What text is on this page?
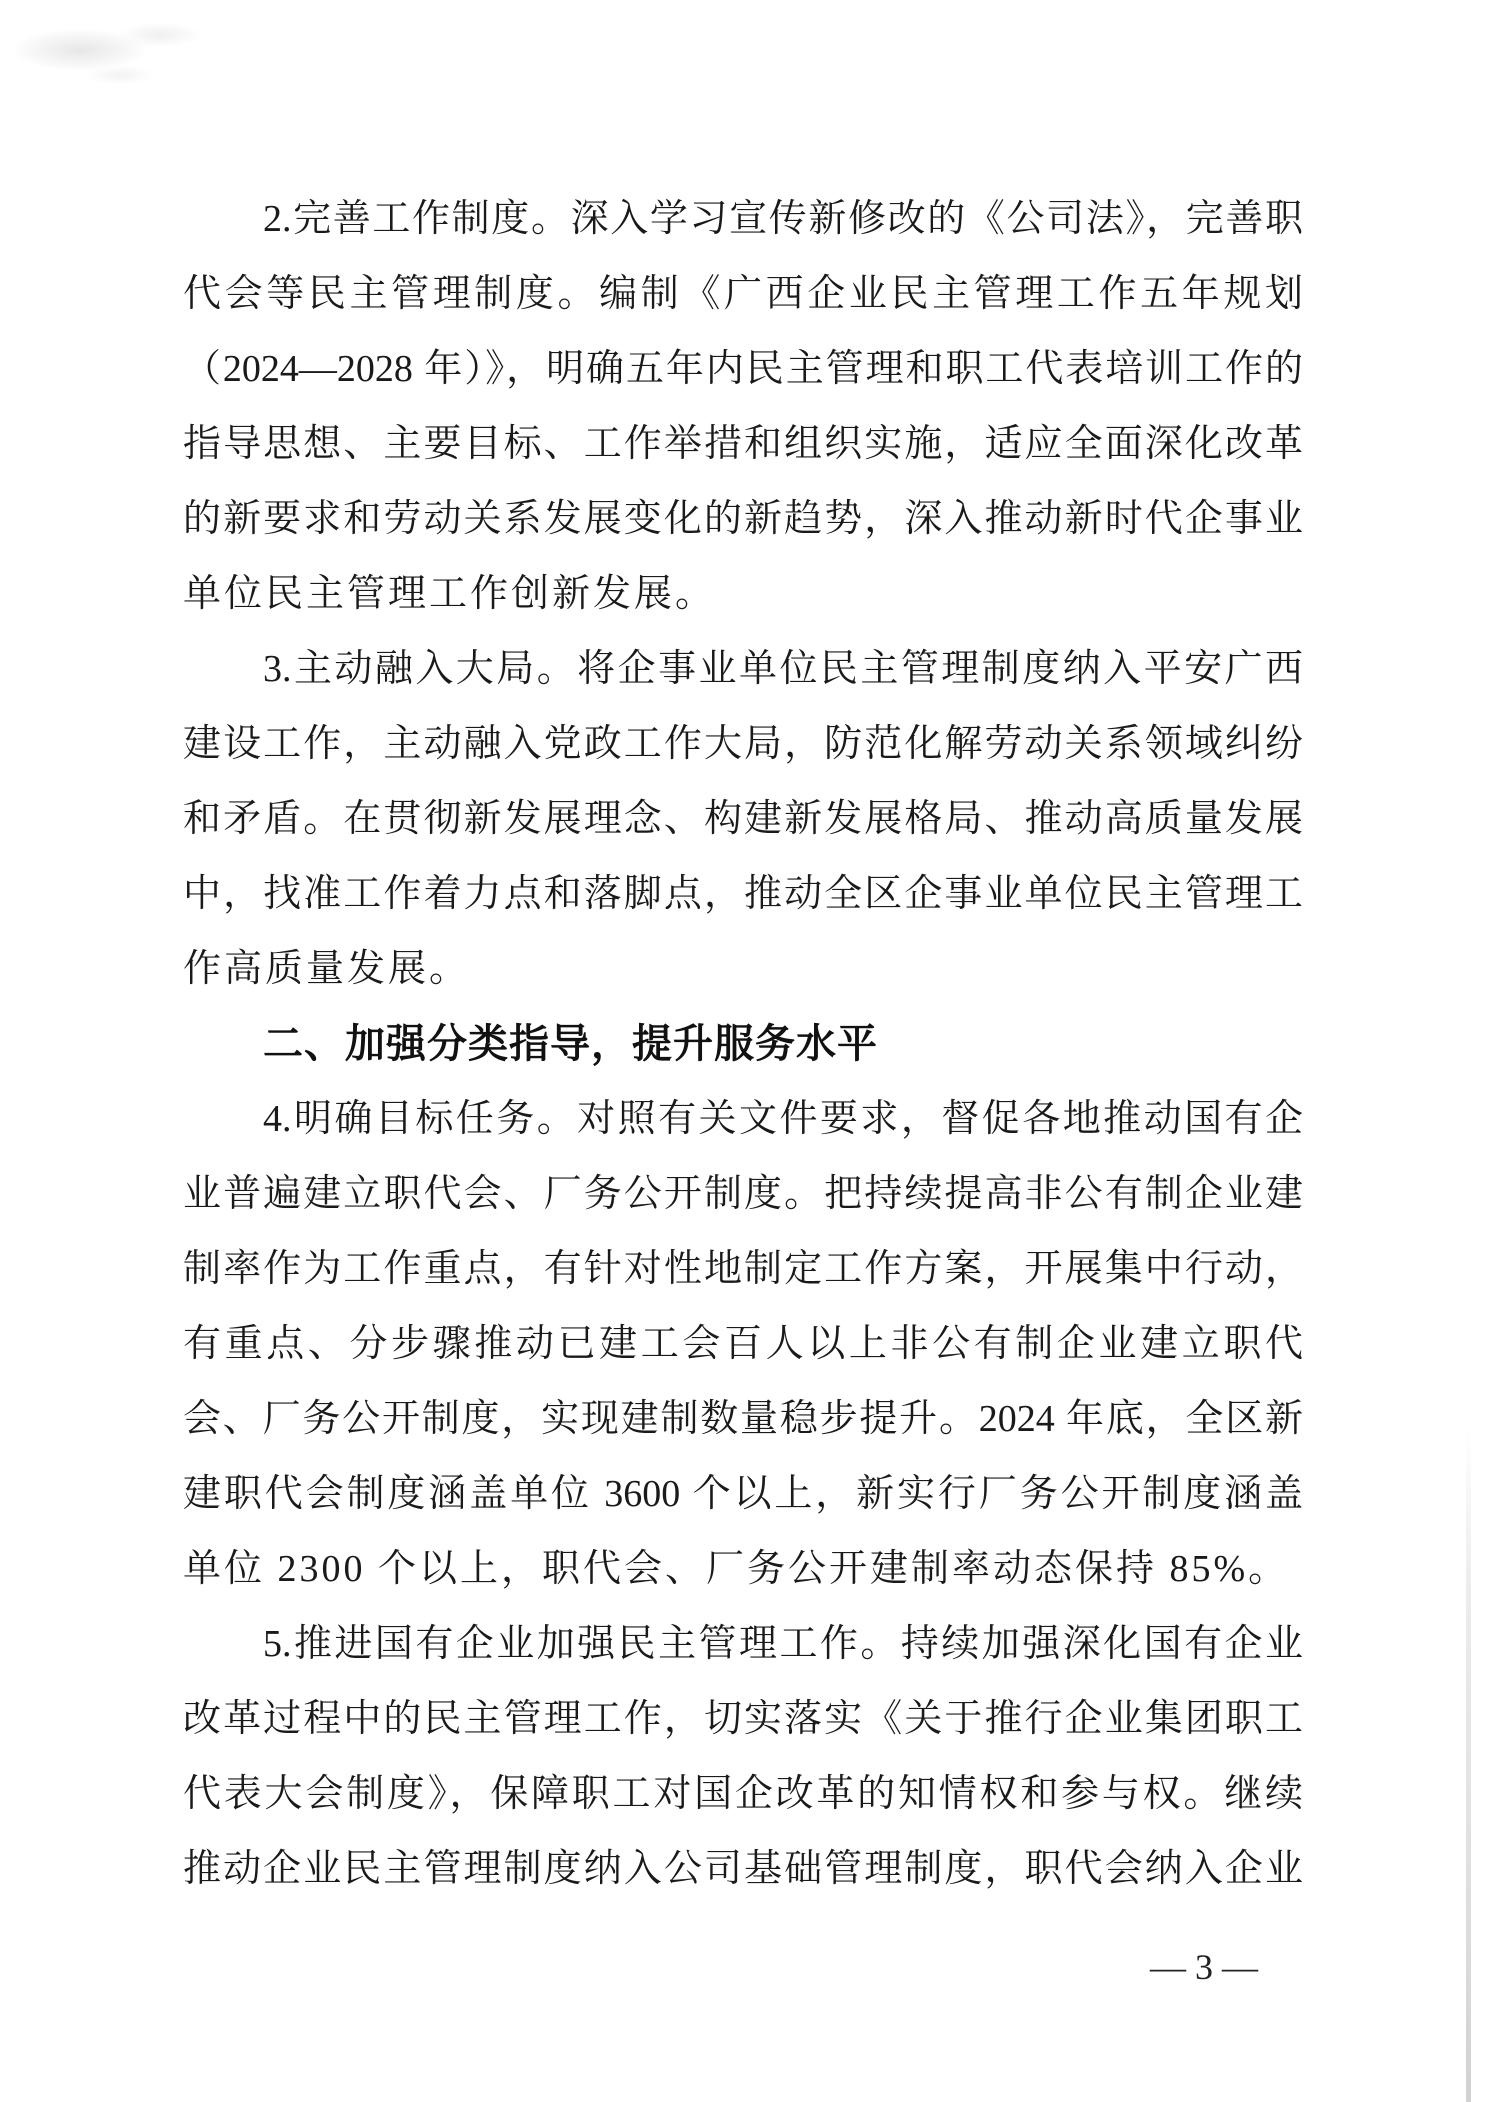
2.完善工作制度。深入学习宣传新修改的《公司法》，完善职
代会等民主管理制度。编制《广西企业民主管理工作五年规划
（2024—2028 年）》，明确五年内民主管理和职工代表培训工作的
指导思想、主要目标、工作举措和组织实施，适应全面深化改革
的新要求和劳动关系发展变化的新趋势，深入推动新时代企事业
单位民主管理工作创新发展。
3.主动融入大局。将企事业单位民主管理制度纳入平安广西
建设工作，主动融入党政工作大局，防范化解劳动关系领域纠纷
和矛盾。在贯彻新发展理念、构建新发展格局、推动高质量发展
中，找准工作着力点和落脚点，推动全区企事业单位民主管理工
作高质量发展。
二、加强分类指导，提升服务水平
4.明确目标任务。对照有关文件要求，督促各地推动国有企
业普遍建立职代会、厂务公开制度。把持续提高非公有制企业建
制率作为工作重点，有针对性地制定工作方案，开展集中行动，
有重点、分步骤推动已建工会百人以上非公有制企业建立职代
会、厂务公开制度，实现建制数量稳步提升。2024 年底，全区新
建职代会制度涵盖单位 3600 个以上，新实行厂务公开制度涵盖
单位 2300 个以上，职代会、厂务公开建制率动态保持 85%。
5.推进国有企业加强民主管理工作。持续加强深化国有企业
改革过程中的民主管理工作，切实落实《关于推行企业集团职工
代表大会制度》，保障职工对国企改革的知情权和参与权。继续
推动企业民主管理制度纳入公司基础管理制度，职代会纳入企业
— 3 —
